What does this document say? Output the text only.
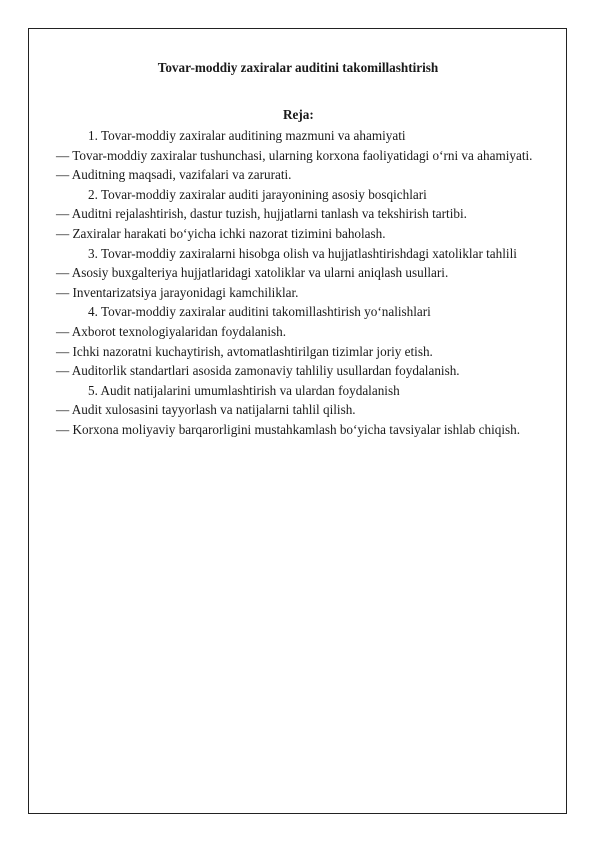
Tovar-moddiy zaxiralar auditini takomillashtirish
Reja:

1. Tovar-moddiy zaxiralar auditining mazmuni va ahamiyati

— Tovar-moddiy zaxiralar tushunchasi, ularning korxona faoliyatidagi o‘rni va ahamiyati.

— Auditning maqsadi, vazifalari va zarurati.

2. Tovar-moddiy zaxiralar auditi jarayonining asosiy bosqichlari

— Auditni rejalashtirish, dastur tuzish, hujjatlarni tanlash va tekshirish tartibi.

— Zaxiralar harakati bo‘yicha ichki nazorat tizimini baholash.

3. Tovar-moddiy zaxiralarni hisobga olish va hujjatlashtirishdagi xatoliklar tahlili

— Asosiy buxgalteriya hujjatlaridagi xatoliklar va ularni aniqlash usullari.

— Inventarizatsiya jarayonidagi kamchiliklar.

4. Tovar-moddiy zaxiralar auditini takomillashtirish yo‘nalishlari

— Axborot texnologiyalaridan foydalanish.

— Ichki nazoratni kuchaytirish, avtomatlashtirilgan tizimlar joriy etish.

— Auditorlik standartlari asosida zamonaviy tahliliy usullardan foydalanish.

5. Audit natijalarini umumlashtirish va ulardan foydalanish

— Audit xulosasini tayyorlash va natijalarni tahlil qilish.

— Korxona moliyaviy barqarorligini mustahkamlash bo‘yicha tavsiyalar ishlab chiqish.
